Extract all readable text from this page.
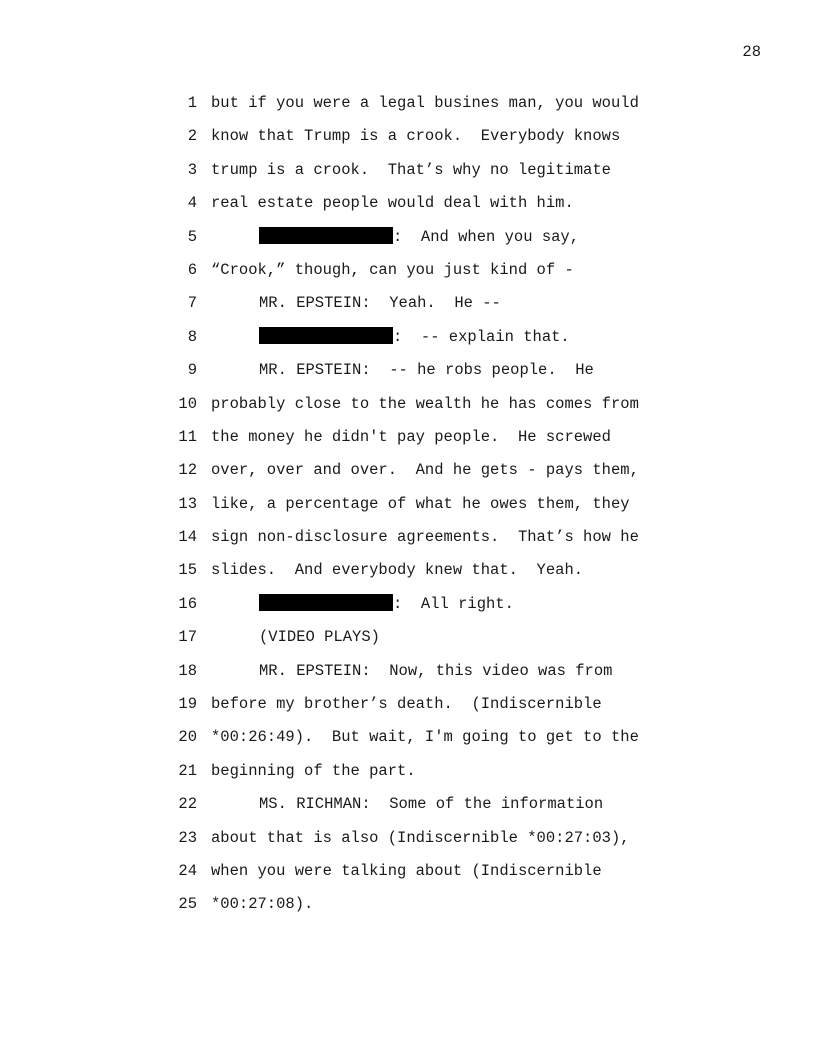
28
1 but if you were a legal busines man, you would
2 know that Trump is a crook.  Everybody knows
3 trump is a crook.  That’s why no legitimate
4 real estate people would deal with him.
5	:  And when you say,
6 “Crook,” though, can you just kind of -
7	MR. EPSTEIN:  Yeah.  He --
8	:  -- explain that.
9	MR. EPSTEIN:  -- he robs people.  He
10 probably close to the wealth he has comes from
11 the money he didn't pay people.  He screwed
12 over, over and over.  And he gets - pays them,
13 like, a percentage of what he owes them, they
14 sign non-disclosure agreements.  That’s how he
15 slides.  And everybody knew that.  Yeah.
16	:  All right.
17	(VIDEO PLAYS)
18	MR. EPSTEIN:  Now, this video was from
19 before my brother’s death.  (Indiscernible
20 *00:26:49).  But wait, I'm going to get to the
21 beginning of the part.
22	MS. RICHMAN:  Some of the information
23 about that is also (Indiscernible *00:27:03),
24 when you were talking about (Indiscernible
25 *00:27:08).
